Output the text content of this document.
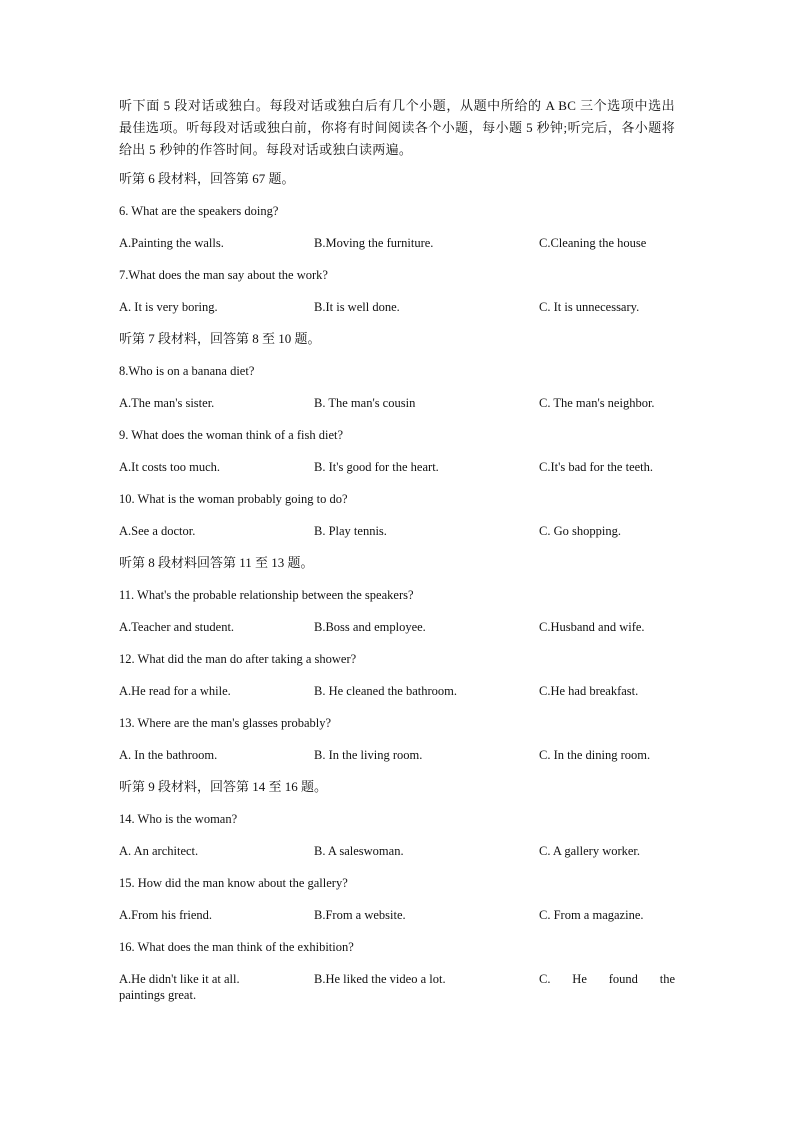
听下面 5 段对话或独白。每段对话或独白后有几个小题，从题中所给的 A BC 三个选项中选出最佳选项。听每段对话或独白前，你将有时间阅读各个小题，每小题 5 秒钟;听完后，各小题将给出 5 秒钟的作答时间。每段对话或独白读两遍。

听第 6 段材料，回答第 67 题。

6. What are the speakers doing?

A.Painting the walls.	B.Moving the furniture.	C.Cleaning the house

7.What does the man say about the work?

A. It is very boring.	B.It is well done.	C. It is unnecessary.

听第 7 段材料，回答第 8 至 10 题。

8.Who is on a banana diet?

A.The man's sister.	B. The man's cousin	C. The man's neighbor.

9. What does the woman think of a fish diet?

A.It costs too much.	B. It's good for the heart.	C.It's bad for the teeth.

10. What is the woman probably going to do?

A.See a doctor.	B. Play tennis.	C. Go shopping.

听第 8 段材料回答第 11 至 13 题。

11. What's the probable relationship between the speakers?

A.Teacher and student.	B.Boss and employee.	C.Husband and wife.

12. What did the man do after taking a shower?

A.He read for a while.	B. He cleaned the bathroom.	C.He had breakfast.

13. Where are the man's glasses probably?

A. In the bathroom.	B. In the living room.	C. In the dining room.

听第 9 段材料，回答第 14 至 16 题。

14. Who is the woman?

A. An architect.	B. A saleswoman.	C. A gallery worker.

15. How did the man know about the gallery?

A.From his friend.	B.From a website.	C. From a magazine.

16. What does the man think of the exhibition?

A.He didn't like it at all.	B.He liked the video a lot.	C. He found the

paintings great.
